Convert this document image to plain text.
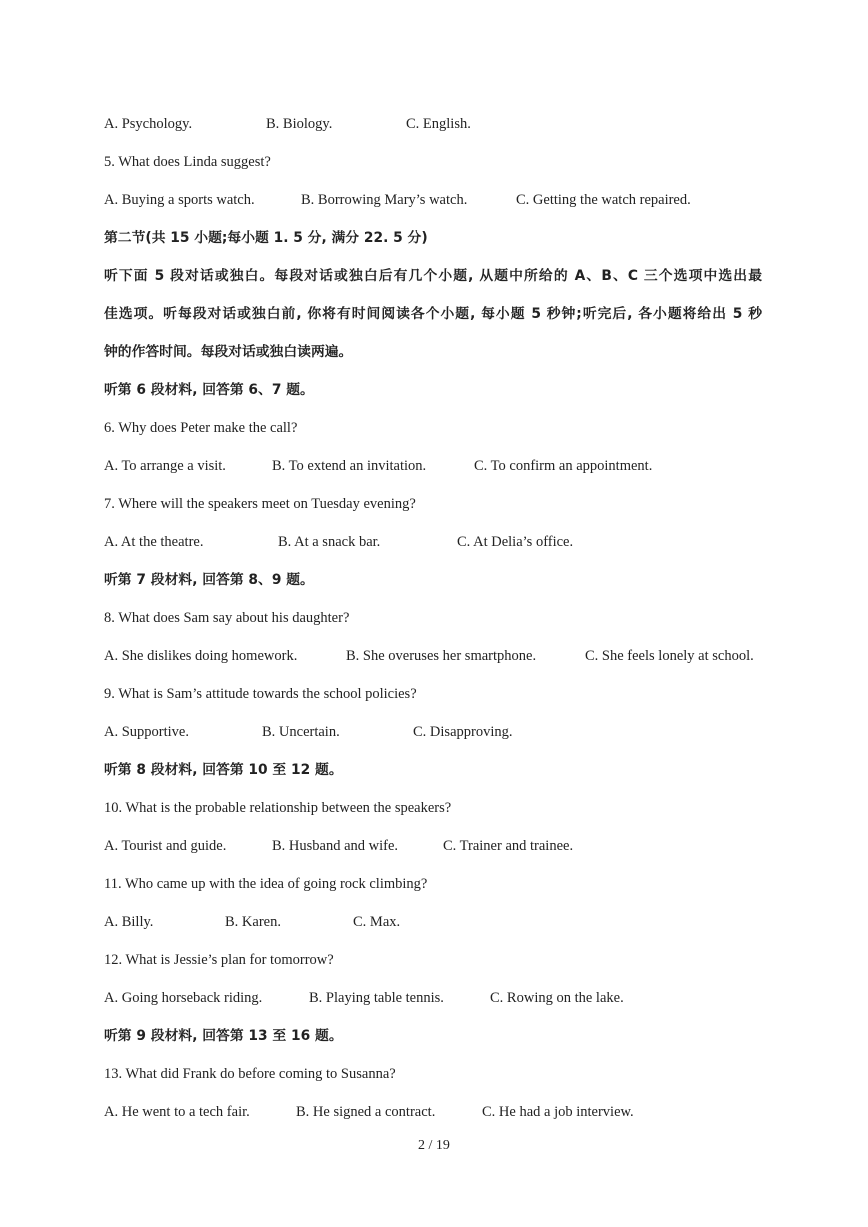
2 / 19
A. Psychology.	B. Biology.	C. English.
5. What does Linda suggest?
A. Buying a sports watch.	B. Borrowing Mary’s watch.	C. Getting the watch repaired.
第二节(共 15 小题;每小题 1. 5 分, 满分 22. 5 分)
听下面 5 段对话或独白。每段对话或独白后有几个小题, 从题中所给的 A、B、C 三个选项中选出最
佳选项。听每段对话或独白前, 你将有时间阅读各个小题, 每小题 5 秒钟;听完后, 各小题将给出 5 秒
钟的作答时间。每段对话或独白读两遍。
听第 6 段材料, 回答第 6、7 题。
6. Why does Peter make the call?
A. To arrange a visit.	B. To extend an invitation.	C. To confirm an appointment.
7. Where will the speakers meet on Tuesday evening?
A. At the theatre.	B. At a snack bar.	C. At Delia’s office.
听第 7 段材料, 回答第 8、9 题。
8. What does Sam say about his daughter?
A. She dislikes doing homework.	B. She overuses her smartphone.	C. She feels lonely at school.
9. What is Sam’s attitude towards the school policies?
A. Supportive.	B. Uncertain.	C. Disapproving.
听第 8 段材料, 回答第 10 至 12 题。
10. What is the probable relationship between the speakers?
A. Tourist and guide.	B. Husband and wife.	C. Trainer and trainee.
11. Who came up with the idea of going rock climbing?
A. Billy.	B. Karen.	C. Max.
12. What is Jessie’s plan for tomorrow?
A. Going horseback riding.	B. Playing table tennis.	C. Rowing on the lake.
听第 9 段材料, 回答第 13 至 16 题。
13. What did Frank do before coming to Susanna?
A. He went to a tech fair.	B. He signed a contract.	C. He had a job interview.
